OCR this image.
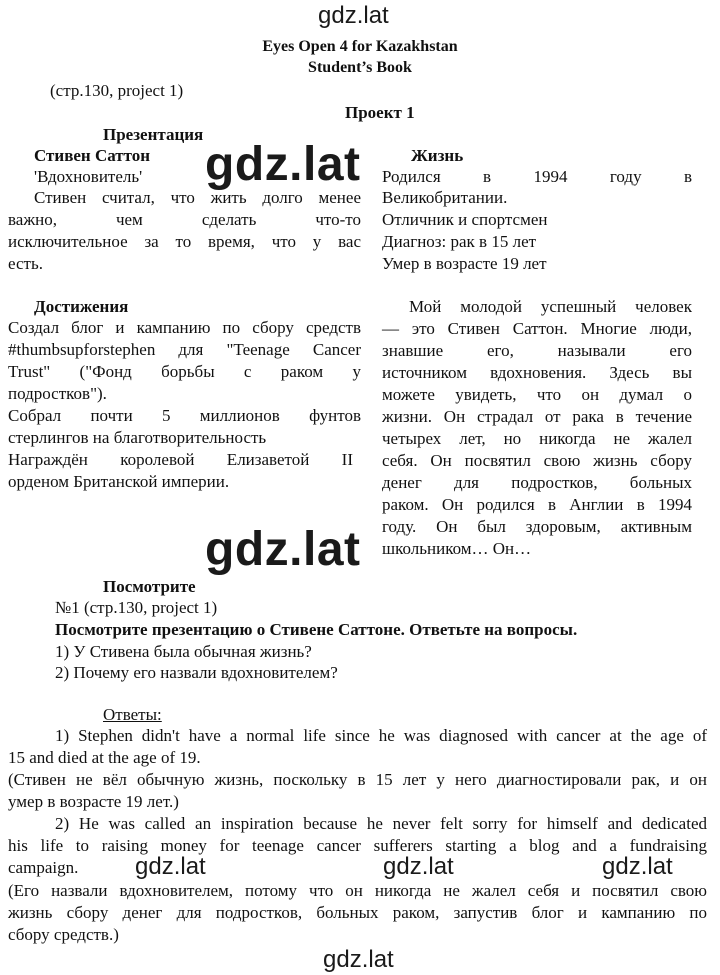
gdz.lat
gdz.lat
gdz.lat
Eyes Open 4 for Kazakhstan
Student’s Book
(стр.130, project 1)
Проект 1
Презентация
Стивен Саттон
'Вдохновитель'
Стивен считал, что жить долго менее
важно, чем сделать что-то
исключительное за то время, что у вас
есть.
Достижения
Создал блог и кампанию по сбору средств
#thumbsupforstephen для "Teenage Cancer
Trust" ("Фонд борьбы с раком у
подростков").
Собрал почти 5 миллионов фунтов
стерлингов на благотворительность
Награждён королевой Елизаветой II
орденом Британской империи.
Жизнь
Родился в 1994 году в
Великобритании.
Отличник и спортсмен
Диагноз: рак в 15 лет
Умер в возрасте 19 лет
Мой молодой успешный человек
— это Стивен Саттон. Многие люди,
знавшие его, называли его
источником вдохновения. Здесь вы
можете увидеть, что он думал о
жизни. Он страдал от рака в течение
четырех лет, но никогда не жалел
себя. Он посвятил свою жизнь сбору
денег для подростков, больных
раком. Он родился в Англии в 1994
году. Он был здоровым, активным
школьником… Он…
Посмотрите
№1 (стр.130, project 1)
Посмотрите презентацию о Стивене Саттоне. Ответьте на вопросы.
1) У Стивена была обычная жизнь?
2) Почему его назвали вдохновителем?
Ответы:
1) Stephen didn't have a normal life since he was diagnosed with cancer at the age of
15 and died at the age of 19.
(Стивен не вёл обычную жизнь, поскольку в 15 лет у него диагностировали рак, и он
умер в возрасте 19 лет.)
2) He was called an inspiration because he never felt sorry for himself and dedicated
his life to raising money for teenage cancer sufferers starting a blog and a fundraising
campaign. gdz.lat	gdz.lat	gdz.lat
(Его назвали вдохновителем, потому что он никогда не жалел себя и посвятил свою
жизнь сбору денег для подростков, больных раком, запустив блог и кампанию по
сбору средств.)
gdz.lat
